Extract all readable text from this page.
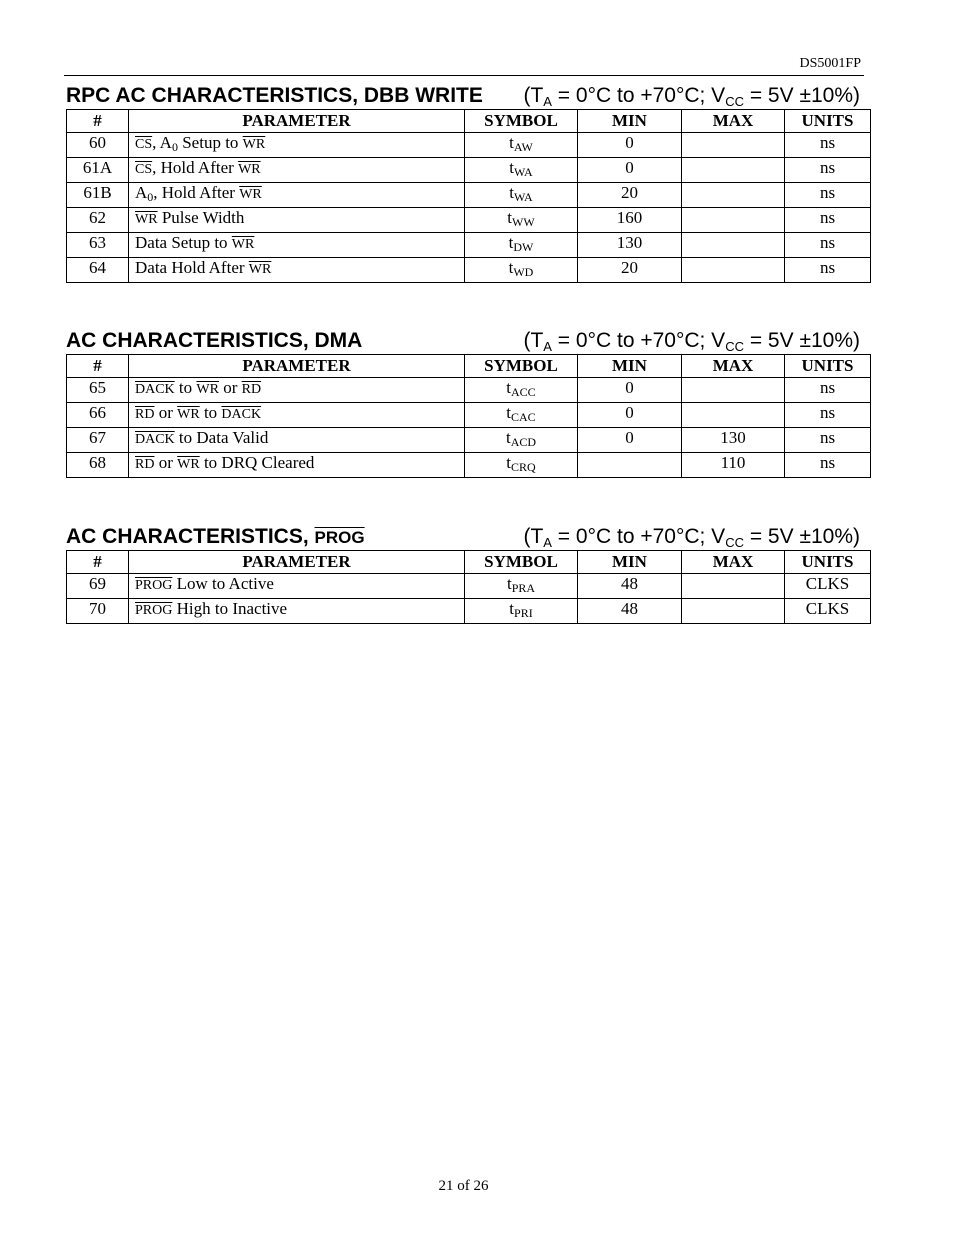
DS5001FP
RPC AC CHARACTERISTICS, DBB WRITE ($T_A = 0^\circ C$ to +70°C; $V_{CC} = 5V \pm 10\%$)
#	PARAMETER	SYMBOL	MIN	MAX	UNITS
60	$\overline{CS}$, $A_0$ Setup to $\overline{WR}$	$t_{AW}$	0		ns
61A	$\overline{CS}$, Hold After $\overline{WR}$	$t_{WA}$	0		ns
61B	$A_0$, Hold After $\overline{WR}$	$t_{WA}$	20		ns
62	$\overline{WR}$ Pulse Width	$t_{WW}$	160		ns
63	Data Setup to $\overline{WR}$	$t_{DW}$	130		ns
64	Data Hold After $\overline{WR}$	$t_{WD}$	20		ns
AC CHARACTERISTICS, DMA	($T_A = 0^\circ C$ to +70°C; $V_{CC} = 5V \pm 10\%$)
#	PARAMETER	SYMBOL	MIN	MAX	UNITS
65	DACK to $\overline{WR}$ or $\overline{RD}$	$t_{ACC}$	0		ns
66	$\overline{RD}$ or $\overline{WR}$ to DACK	$t_{CAC}$	0		ns
67	DACK to Data Valid	$t_{ACD}$	0	130	ns
68	$\overline{RD}$ or $\overline{WR}$ to DRQ Cleared	$t_{CRQ}$		110	ns
AC CHARACTERISTICS, PROG	($T_A = 0^\circ C$ to +70°C; $V_{CC} = 5V \pm 10\%$)
#	PARAMETER	SYMBOL	MIN	MAX	UNITS
69	PROG Low to Active	$t_{PRA}$	48		CLKS
70	PROG High to Inactive	$t_{PRI}$	48		CLKS
21 of 26
